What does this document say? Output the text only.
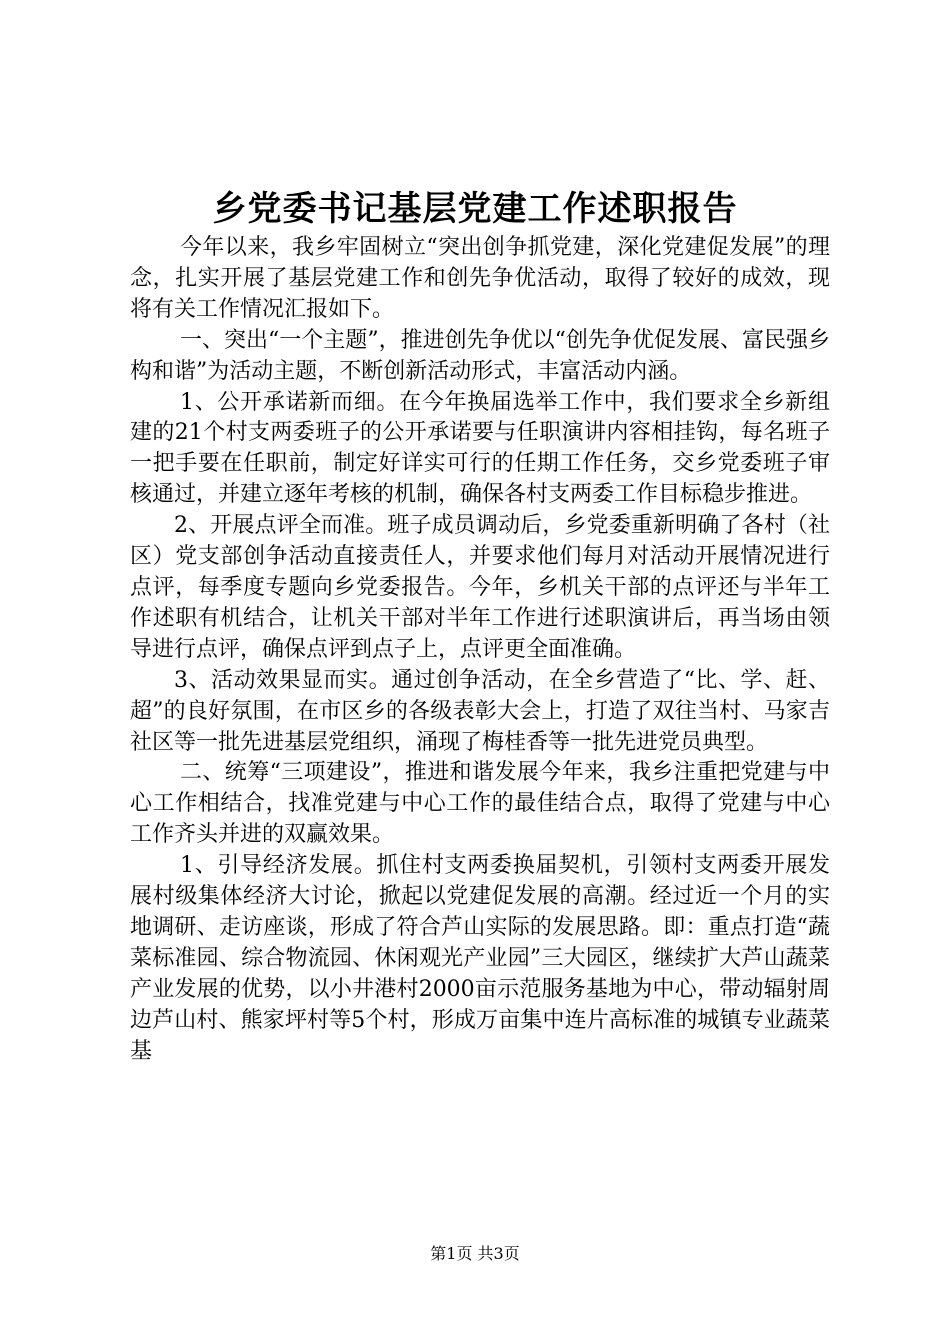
乡党委书记基层党建工作述职报告

今年以来，我乡牢固树立“突出创争抓党建，深化党建促发展”的理念，扎实开展了基层党建工作和创先争优活动，取得了较好的成效，现将有关工作情况汇报如下。

一、突出“一个主题”，推进创先争优以“创先争优促发展、富民强乡构和谐”为活动主题，不断创新活动形式，丰富活动内涵。

1、公开承诺新而细。在今年换届选举工作中，我们要求全乡新组建的21个村支两委班子的公开承诺要与任职演讲内容相挂钩，每名班子一把手要在任职前，制定好详实可行的任期工作任务，交乡党委班子审核通过，并建立逐年考核的机制，确保各村支两委工作目标稳步推进。

2、开展点评全而准。班子成员调动后，乡党委重新明确了各村（社区）党支部创争活动直接责任人，并要求他们每月对活动开展情况进行点评，每季度专题向乡党委报告。今年，乡机关干部的点评还与半年工作述职有机结合，让机关干部对半年工作进行述职演讲后，再当场由领导进行点评，确保点评到点子上，点评更全面准确。

3、活动效果显而实。通过创争活动，在全乡营造了“比、学、赶、超”的良好氛围，在市区乡的各级表彰大会上，打造了双往当村、马家吉社区等一批先进基层党组织，涌现了梅桂香等一批先进党员典型。

二、统筹“三项建设”，推进和谐发展今年来，我乡注重把党建与中心工作相结合，找准党建与中心工作的最佳结合点，取得了党建与中心工作齐头并进的双赢效果。

1、引导经济发展。抓住村支两委换届契机，引领村支两委开展发展村级集体经济大讨论，掀起以党建促发展的高潮。经过近一个月的实地调研、走访座谈，形成了符合芦山实际的发展思路。即：重点打造“蔬菜标准园、综合物流园、休闲观光产业园”三大园区，继续扩大芦山蔬菜产业发展的优势，以小井港村2000亩示范服务基地为中心，带动辐射周边芦山村、熊家坪村等5个村，形成万亩集中连片高标准的城镇专业蔬菜基

第1页 共3页
